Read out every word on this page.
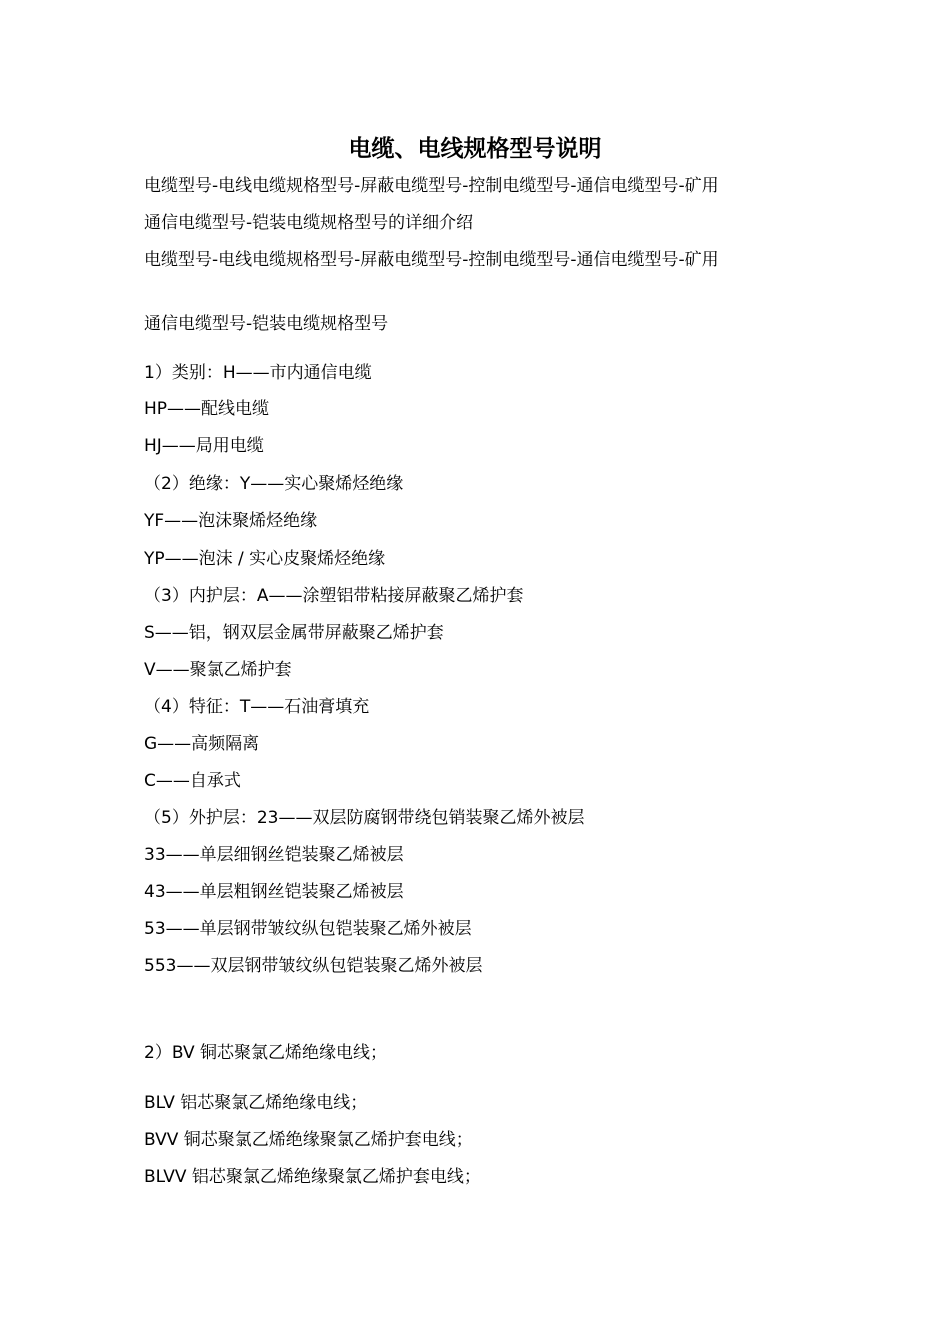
电缆、电线规格型号说明
电缆型号-电线电缆规格型号-屏蔽电缆型号-控制电缆型号-通信电缆型号-矿用
通信电缆型号-铠装电缆规格型号的详细介绍
电缆型号-电线电缆规格型号-屏蔽电缆型号-控制电缆型号-通信电缆型号-矿用
通信电缆型号-铠装电缆规格型号
1）类别：H——市内通信电缆
HP——配线电缆
HJ——局用电缆
（2）绝缘：Y——实心聚烯烃绝缘
YF——泡沫聚烯烃绝缘
YP——泡沫 / 实心皮聚烯烃绝缘
（3）内护层：A——涂塑铝带粘接屏蔽聚乙烯护套
S——铝，钢双层金属带屏蔽聚乙烯护套
V——聚氯乙烯护套
（4）特征：T——石油膏填充
G——高频隔离
C——自承式
（5）外护层：23——双层防腐钢带绕包销装聚乙烯外被层
33——单层细钢丝铠装聚乙烯被层
43——单层粗钢丝铠装聚乙烯被层
53——单层钢带皱纹纵包铠装聚乙烯外被层
553——双层钢带皱纹纵包铠装聚乙烯外被层
2）BV 铜芯聚氯乙烯绝缘电线；
BLV 铝芯聚氯乙烯绝缘电线；
BVV 铜芯聚氯乙烯绝缘聚氯乙烯护套电线；
BLVV 铝芯聚氯乙烯绝缘聚氯乙烯护套电线；
